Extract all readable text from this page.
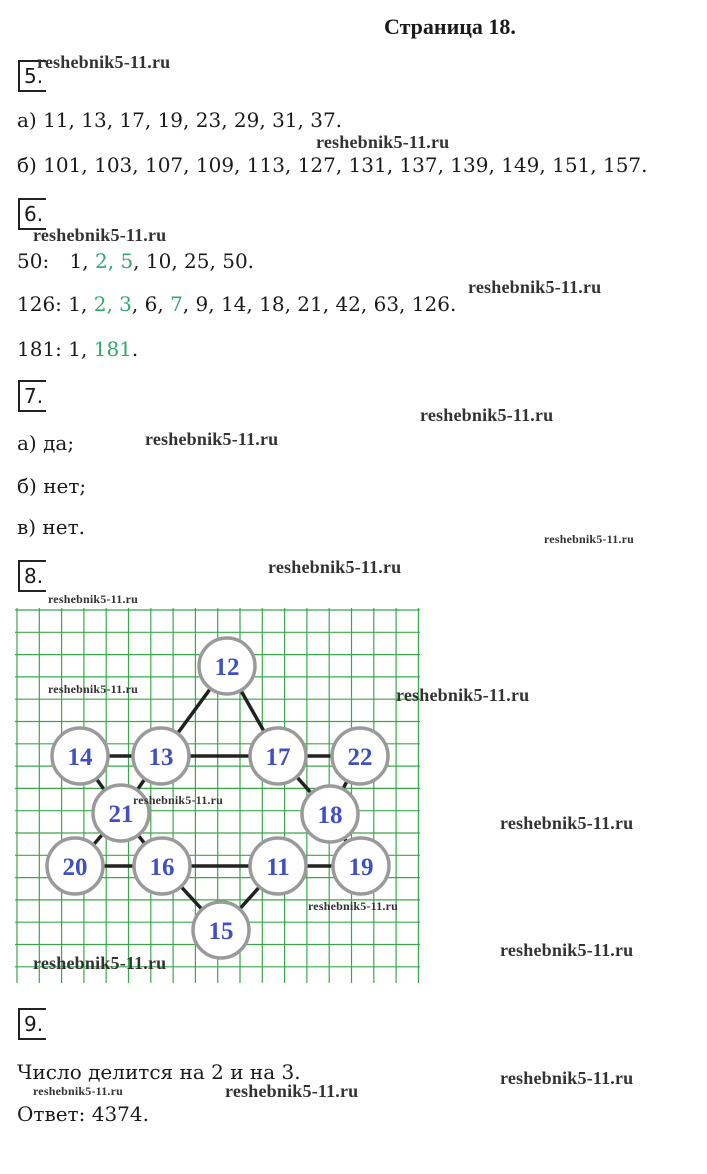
Страница 18.
5.
а) 11, 13, 17, 19, 23, 29, 31, 37.
б) 101, 103, 107, 109, 113, 127, 131, 137, 139, 149, 151, 157.
6.
50: 1, 2, 5, 10, 25, 50.
126: 1, 2, 3, 6, 7, 9, 14, 18, 21, 42, 63, 126.
181: 1, 181.
7.
а) да;
б) нет;
в) нет.
8.
12
13
14	17 22
21	18
20 16	11 19
15
9.
Число делится на 2 и на 3.
Ответ: 4374.
reshebnik5-11.ru
reshebnik5-11.ru
reshebnik5-11.ru
reshebnik5-11.ru
reshebnik5-11.ru
reshebnik5-11.ru
reshebnik5-11.ru
reshebnik5-11.ru
reshebnik5-11.ru
reshebnik5-11.ru	reshebnik5-11.ru
reshebnik5-11.ru
reshebnik5-11.ru
reshebnik5-11.ru
reshebnik5-11.ru
reshebnik5-11.ru
reshebnik5-11.ru
reshebnik5-11.ru	reshebnik5-11.ru
